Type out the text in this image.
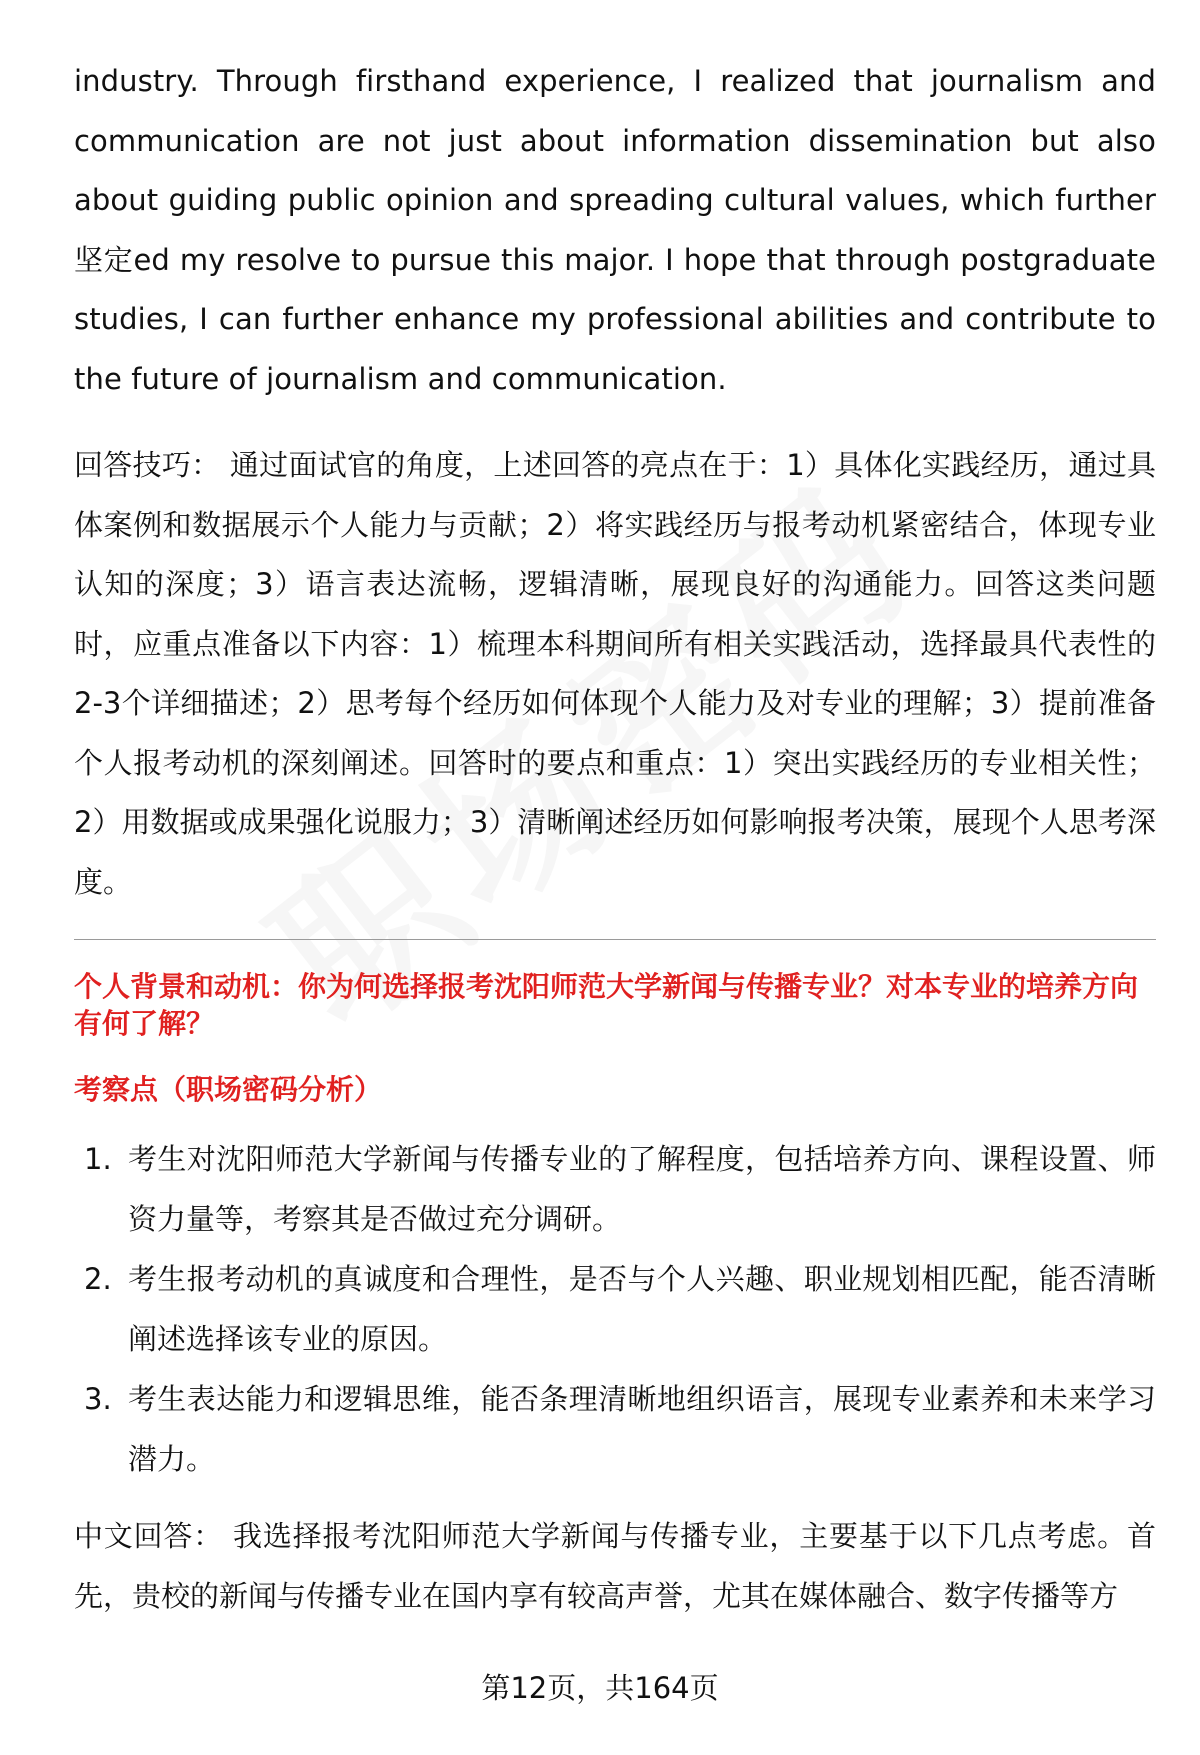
industry. Through firsthand experience, I realized that journalism and communication are not just about information dissemination but also about guiding public opinion and spreading cultural values, which further坚定ed my resolve to pursue this major. I hope that through postgraduate studies, I can further enhance my professional abilities and contribute to the future of journalism and communication.

回答技巧： 通过面试官的角度，上述回答的亮点在于：1）具体化实践经历，通过具体案例和数据展示个人能力与贡献；2）将实践经历与报考动机紧密结合，体现专业认知的深度；3）语言表达流畅，逻辑清晰，展现良好的沟通能力。回答这类问题时，应重点准备以下内容：1）梳理本科期间所有相关实践活动，选择最具代表性的2-3个详细描述；2）思考每个经历如何体现个人能力及对专业的理解；3）提前准备个人报考动机的深刻阐述。回答时的要点和重点：1）突出实践经历的专业相关性；2）用数据或成果强化说服力；3）清晰阐述经历如何影响报考决策，展现个人思考深度。

个人背景和动机：你为何选择报考沈阳师范大学新闻与传播专业？对本专业的培养方向有何了解？
考察点（职场密码分析）
1. 考生对沈阳师范大学新闻与传播专业的了解程度，包括培养方向、课程设置、师资力量等，考察其是否做过充分调研。
2. 考生报考动机的真诚度和合理性，是否与个人兴趣、职业规划相匹配，能否清晰阐述选择该专业的原因。
3. 考生表达能力和逻辑思维，能否条理清晰地组织语言，展现专业素养和未来学习潜力。

中文回答： 我选择报考沈阳师范大学新闻与传播专业，主要基于以下几点考虑。首先，贵校的新闻与传播专业在国内享有较高声誉，尤其在媒体融合、数字传播等方

第12页，共164页
